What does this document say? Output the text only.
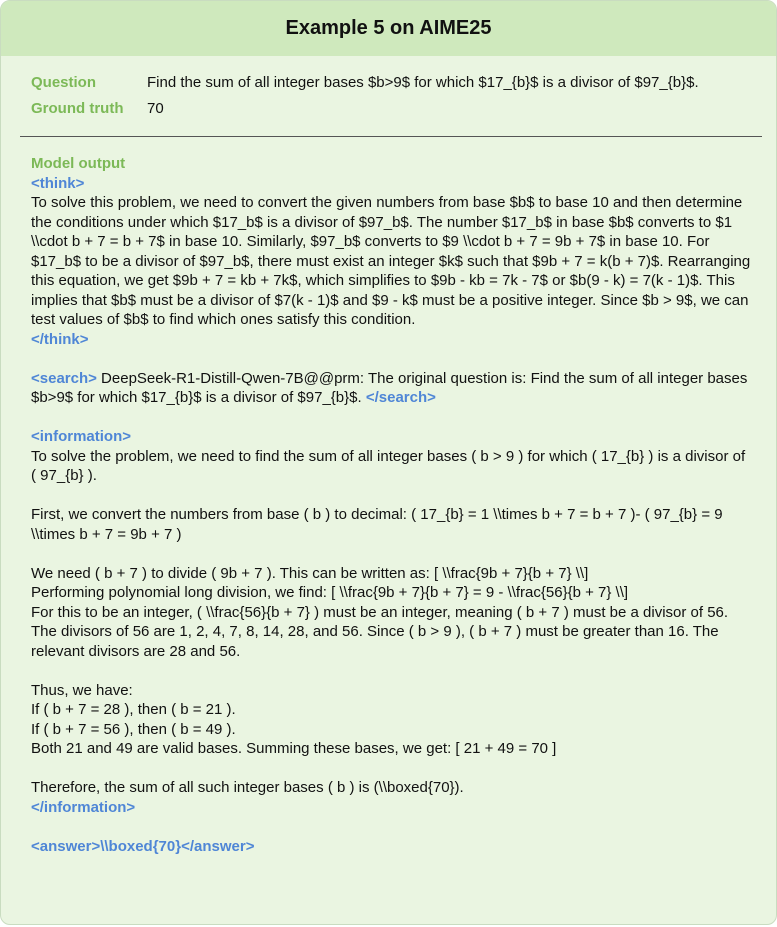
Example 5 on AIME25
Question	Find the sum of all integer bases $b>9$ for which $17_{b}$ is a divisor of $97_{b}$.
Ground truth	70

Model output

<think>

To solve this problem, we need to convert the given numbers from base $b$ to base 10 and then determine the conditions under which $17_b$ is a divisor of $97_b$. The number $17_b$ in base $b$ converts to $1 \\cdot b + 7 = b + 7$ in base 10. Similarly, $97_b$ converts to $9 \\cdot b + 7 = 9b + 7$ in base 10. For $17_b$ to be a divisor of $97_b$, there must exist an integer $k$ such that $9b + 7 = k(b + 7)$. Rearranging this equation, we get $9b + 7 = kb + 7k$, which simplifies to $9b - kb = 7k - 7$ or $b(9 - k) = 7(k - 1)$. This implies that $b$ must be a divisor of $7(k - 1)$ and $9 - k$ must be a positive integer. Since $b > 9$, we can test values of $b$ to find which ones satisfy this condition.

</think>

<search> DeepSeek-R1-Distill-Qwen-7B@@prm: The original question is: Find the sum of all integer bases $b>9$ for which $17_{b}$ is a divisor of $97_{b}$. </search>

<information>

To solve the problem, we need to find the sum of all integer bases ( b > 9 ) for which ( 17_{b} ) is a divisor of ( 97_{b} ).

First, we convert the numbers from base ( b ) to decimal: ( 17_{b} = 1 \\times b + 7 = b + 7 )- ( 97_{b} = 9 \\times b + 7 = 9b + 7 )

We need ( b + 7 ) to divide ( 9b + 7 ). This can be written as: [ \\frac{9b + 7}{b + 7} \\]

Performing polynomial long division, we find: [ \\frac{9b + 7}{b + 7} = 9 - \\frac{56}{b + 7} \\]

For this to be an integer, ( \\frac{56}{b + 7} ) must be an integer, meaning ( b + 7 ) must be a divisor of 56.

The divisors of 56 are 1, 2, 4, 7, 8, 14, 28, and 56. Since ( b > 9 ), ( b + 7 ) must be greater than 16. The relevant divisors are 28 and 56.

Thus, we have:

If ( b + 7 = 28 ), then ( b = 21 ).

If ( b + 7 = 56 ), then ( b = 49 ).

Both 21 and 49 are valid bases. Summing these bases, we get: [ 21 + 49 = 70 ]

Therefore, the sum of all such integer bases ( b ) is (\\boxed{70}).

</information>

<answer>\\boxed{70}</answer>
